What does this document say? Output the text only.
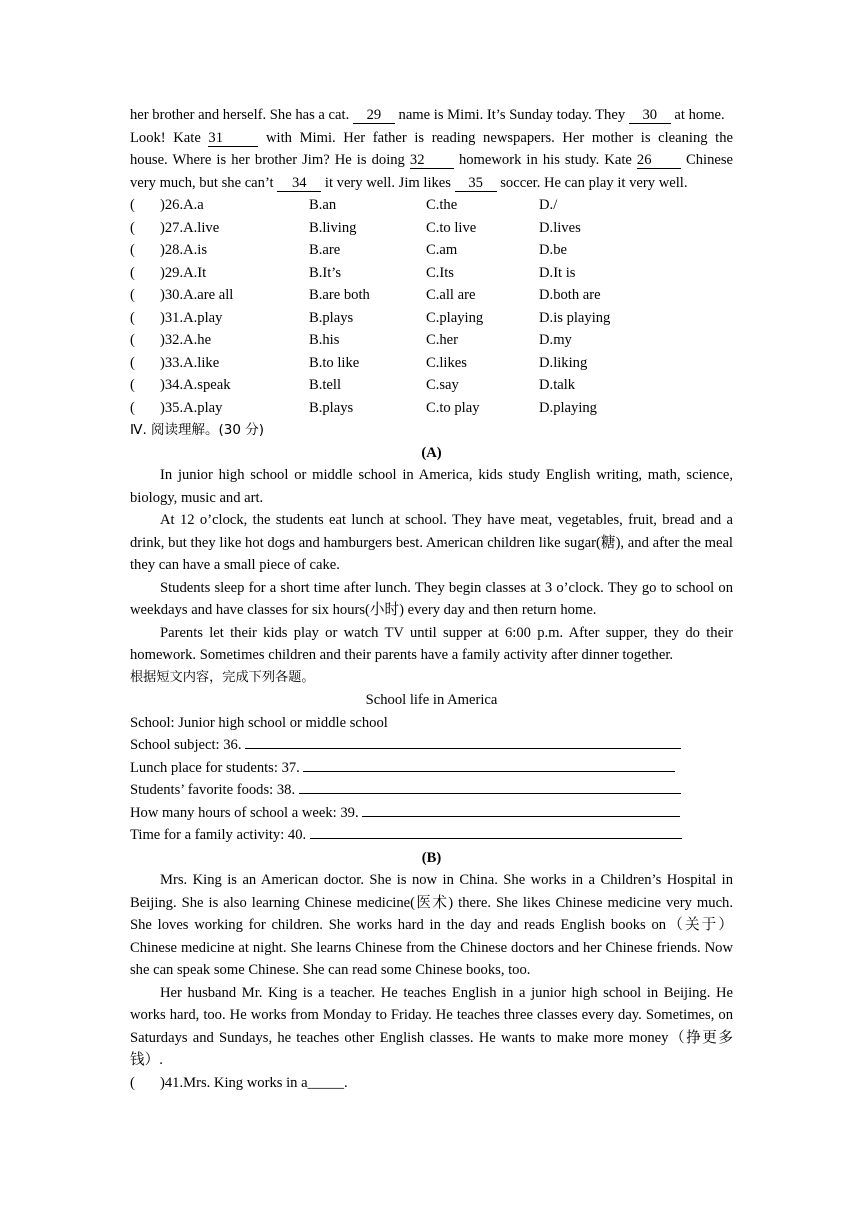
her brother and herself. She has a cat. 29 name is Mimi. It’s Sunday today. They 30 at home.

Look! Kate 31 with Mimi. Her father is reading newspapers. Her mother is cleaning the

house. Where is her brother Jim? He is doing 32 homework in his study. Kate 26 Chinese

very much, but she can’t 34 it very well. Jim likes 35 soccer. He can play it very well.

(	)26.A.a	B.an	C.the	D./
(	)27.A.live	B.living	C.to live	D.lives
(	)28.A.is	B.are	C.am	D.be
(	)29.A.It	B.It’s	C.Its	D.It is
(	)30.A.are all	B.are both	C.all are	D.both are
(	)31.A.play	B.plays	C.playing	D.is playing
(	)32.A.he	B.his	C.her	D.my
(	)33.A.like	B.to like	C.likes	D.liking
(	)34.A.speak	B.tell	C.say	D.talk
(	)35.A.play	B.plays	C.to play	D.playing
Ⅳ. 阅读理解。(30 分)
(A)

In junior high school or middle school in America, kids study English writing, math, science, biology, music and art.

At 12 o’clock, the students eat lunch at school. They have meat, vegetables, fruit, bread and a drink, but they like hot dogs and hamburgers best. American children like sugar(糖), and after the meal they can have a small piece of cake.

Students sleep for a short time after lunch. They begin classes at 3 o’clock. They go to school on weekdays and have classes for six hours(小时) every day and then return home.

Parents let their kids play or watch TV until supper at 6:00 p.m. After supper, they do their homework. Sometimes children and their parents have a family activity after dinner together.

根据短文内容，完成下列各题。
School life in America
School: Junior high school or middle school
School subject: 36.
Lunch place for students: 37.
Students’ favorite foods: 38.
How many hours of school a week: 39.
Time for a family activity: 40.
(B)

Mrs. King is an American doctor. She is now in China. She works in a Children’s Hospital in Beijing. She is also learning Chinese medicine(医术) there. She likes Chinese medicine very much. She loves working for children. She works hard in the day and reads English books on（关于） Chinese medicine at night. She learns Chinese from the Chinese doctors and her Chinese friends. Now she can speak some Chinese. She can read some Chinese books, too.

Her husband Mr. King is a teacher. He teaches English in a junior high school in Beijing. He works hard, too. He works from Monday to Friday. He teaches three classes every day. Sometimes, on Saturdays and Sundays, he teaches other English classes. He wants to make more money（挣更多钱）.

(	)41.Mrs. King works in a _____ .
